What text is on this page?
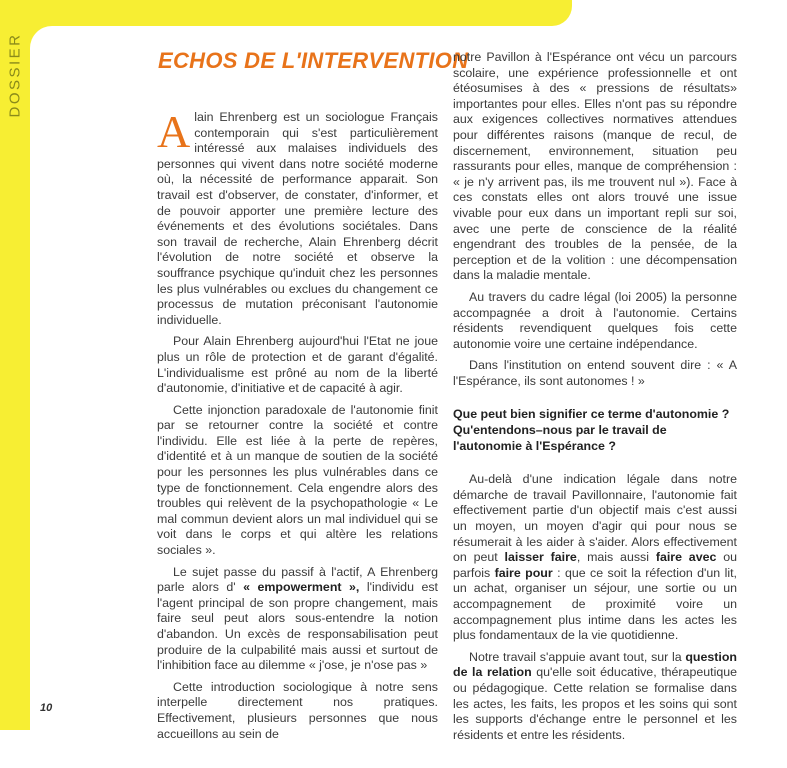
DOSSIER	ECHOS DE L'INTERVENTION

Alain Ehrenberg est un sociologue Français contemporain qui s'est particulièrement intéressé aux malaises individuels des personnes qui vivent dans notre société moderne où, la nécessité de performance apparait. Son travail est d'observer, de constater, d'informer, et de pouvoir apporter une première lecture des événements et des évolutions sociétales. Dans son travail de recherche, Alain Ehrenberg décrit l'évolution de notre société et observe la souffrance psychique qu'induit chez les personnes les plus vulnérables ou exclues du changement ce processus de mutation préconisant l'autonomie individuelle.

Pour Alain Ehrenberg aujourd'hui l'Etat ne joue plus un rôle de protection et de garant d'égalité. L'individualisme est prôné au nom de la liberté d'autonomie, d'initiative et de capacité à agir.

Cette injonction paradoxale de l'autonomie finit par se retourner contre la société et contre l'individu. Elle est liée à la perte de repères, d'identité et à un manque de soutien de la société pour les personnes les plus vulnérables dans ce type de fonctionnement. Cela engendre alors des troubles qui relèvent de la psychopathologie « Le mal commun devient alors un mal individuel qui se voit dans le corps et qui altère les relations sociales ».

Le sujet passe du passif à l'actif, A Ehrenberg parle alors d' « empowerment », l'individu est l'agent principal de son propre changement, mais faire seul peut alors sous-entendre la notion d'abandon. Un excès de responsabilisation peut produire de la culpabilité mais aussi et surtout de l'inhibition face au dilemme « j'ose, je n'ose pas »

Cette introduction sociologique à notre sens interpelle directement nos pratiques. Effectivement, plusieurs personnes que nous accueillons au sein de

notre Pavillon à l'Espérance ont vécu un parcours scolaire, une expérience professionnelle et ont étéosumises à des « pressions de résultats» importantes pour elles. Elles n'ont pas su répondre aux exigences collectives normatives attendues pour différentes raisons (manque de recul, de discernement, environnement, situation peu rassurants pour elles, manque de compréhension : « je n'y arrivent pas, ils me trouvent nul »). Face à ces constats elles ont alors trouvé une issue vivable pour eux dans un important repli sur soi, avec une perte de conscience de la réalité engendrant des troubles de la pensée, de la perception et de la volition : une décompensation dans la maladie mentale.

Au travers du cadre légal (loi 2005) la personne accompagnée a droit à l'autonomie. Certains résidents revendiquent quelques fois cette autonomie voire une certaine indépendance.

Dans l'institution on entend souvent dire : « A l'Espérance, ils sont autonomes ! »

Que peut bien signifier ce terme d'autonomie ? Qu'entendons–nous par le travail de l'autonomie à l'Espérance ?

Au-delà d'une indication légale dans notre démarche de travail Pavillonnaire, l'autonomie fait effectivement partie d'un objectif mais c'est aussi un moyen, un moyen d'agir qui pour nous se résumerait à les aider à s'aider. Alors effectivement on peut laisser faire, mais aussi faire avec ou parfois faire pour : que ce soit la réfection d'un lit, un achat, organiser un séjour, une sortie ou un accompagnement de proximité voire un accompagnement plus intime dans les actes les plus fondamentaux de la vie quotidienne.

Notre travail s'appuie avant tout, sur la question de la relation qu'elle soit éducative, thérapeutique ou pédagogique. Cette relation se formalise dans les actes, les faits, les propos et les soins qui sont les supports d'échange entre le personnel et les résidents et entre les résidents.

10
